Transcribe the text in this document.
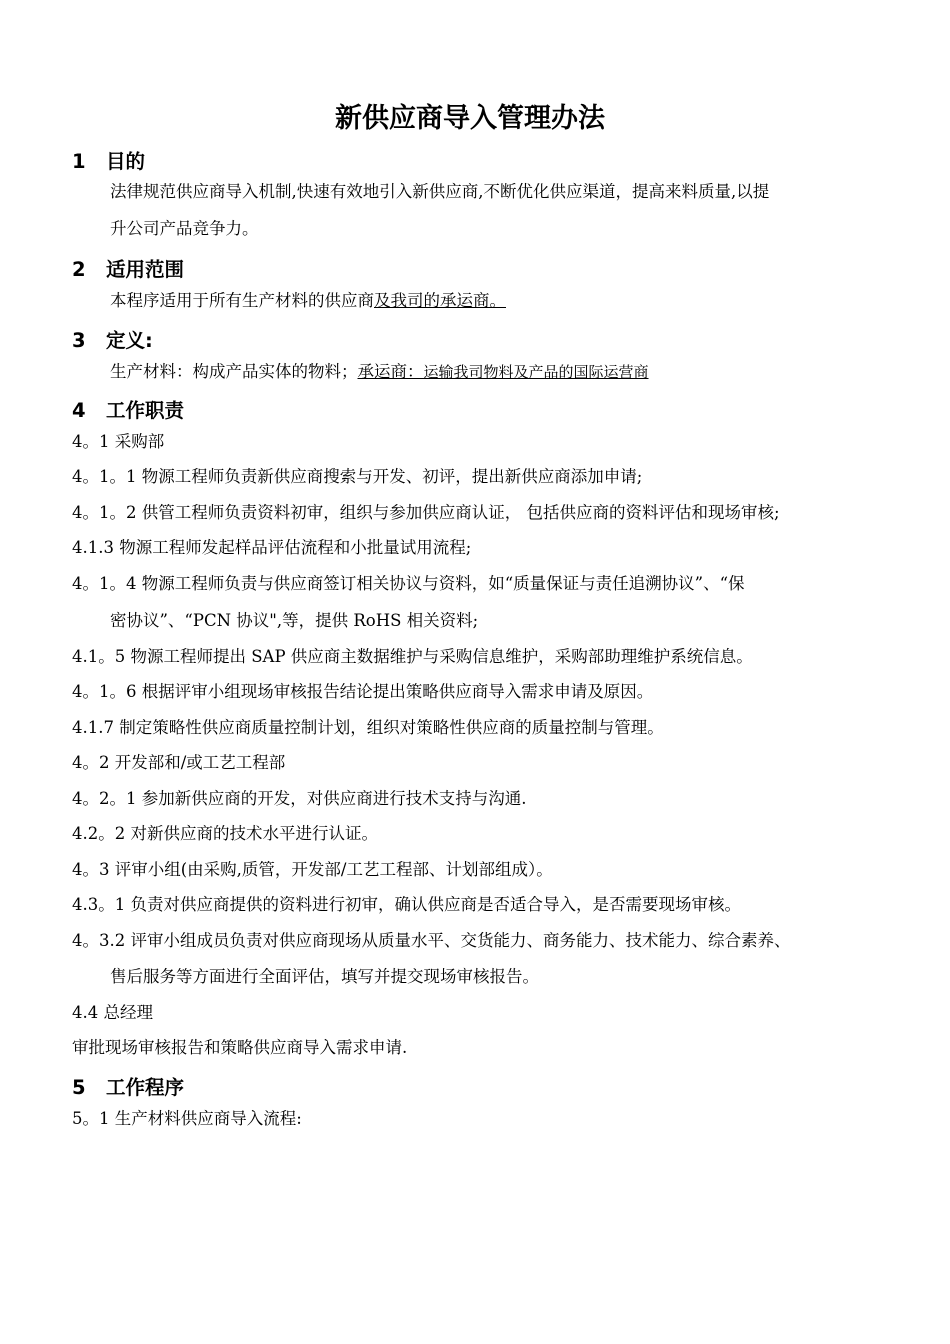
新供应商导入管理办法
1 目的
法律规范供应商导入机制,快速有效地引入新供应商,不断优化供应渠道，提高来料质量,以提
升公司产品竞争力。
2 适用范围
本程序适用于所有生产材料的供应商及我司的承运商。
3 定义:
生产材料：构成产品实体的物料；承运商：运输我司物料及产品的国际运营商
4 工作职责
4。1 采购部
4。1。1 物源工程师负责新供应商搜索与开发、初评，提出新供应商添加申请;
4。1。2 供管工程师负责资料初审，组织与参加供应商认证， 包括供应商的资料评估和现场审核;
4.1.3 物源工程师发起样品评估流程和小批量试用流程;
4。1。4 物源工程师负责与供应商签订相关协议与资料，如“质量保证与责任追溯协议”、“保
密协议”、“PCN 协议",等，提供 RoHS 相关资料;
4.1。5 物源工程师提出 SAP 供应商主数据维护与采购信息维护，采购部助理维护系统信息。
4。1。6 根据评审小组现场审核报告结论提出策略供应商导入需求申请及原因。
4.1.7 制定策略性供应商质量控制计划，组织对策略性供应商的质量控制与管理。
4。2 开发部和/或工艺工程部
4。2。1 参加新供应商的开发，对供应商进行技术支持与沟通.
4.2。2 对新供应商的技术水平进行认证。
4。3 评审小组(由采购,质管，开发部/工艺工程部、计划部组成）。
4.3。1 负责对供应商提供的资料进行初审，确认供应商是否适合导入，是否需要现场审核。
4。3.2 评审小组成员负责对供应商现场从质量水平、交货能力、商务能力、技术能力、综合素养、
售后服务等方面进行全面评估，填写并提交现场审核报告。
4.4 总经理
审批现场审核报告和策略供应商导入需求申请.
5 工作程序
5。1 生产材料供应商导入流程:
